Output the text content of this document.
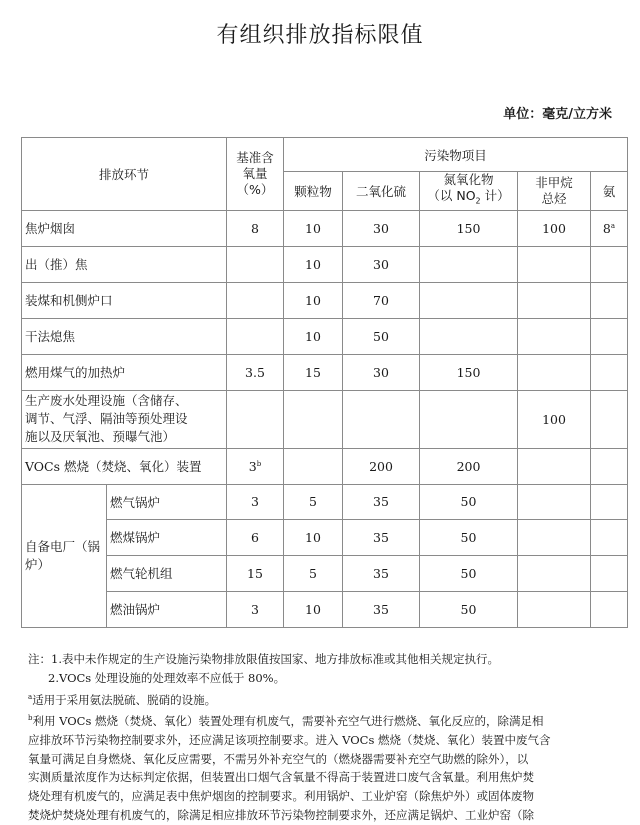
有组织排放指标限值
单位：毫克/立方米
排放环节		基准含
氧量
（%）	污染物项目				
			颗粒物	二氧化硫	氮氧化物
（以 $NO_2$ 计）	非甲烷
总烃	氨
焦炉烟囱		8	10	30	150	100	8$^a$
出（推）焦			10	30			
装煤和机侧炉口			10	70			
干法熄焦			10	50			
燃用煤气的加热炉		3.5	15	30	150		
生产废水处理设施（含储存、
调节、气浮、隔油等预处理设
施以及厌氧池、预曝气池）						100	
VOCs 燃烧（焚烧、氧化）装置		3$^b$		200	200		
自备电厂（锅
炉）	燃气锅炉	3	5	35	50		
	燃煤锅炉	6	10	35	50		
	燃气轮机组	15	5	35	50		
	燃油锅炉	3	10	35	50		

注：1.表中未作规定的生产设施污染物排放限值按国家、地方排放标准或其他相关规定执行。

2.VOCs 处理设施的处理效率不应低于 80%。

$^a$适用于采用氨法脱硫、脱硝的设施。

$^b$利用 VOCs 燃烧（焚烧、氧化）装置处理有机废气，需要补充空气进行燃烧、氧化反应的，除满足相

应排放环节污染物控制要求外，还应满足该项控制要求。进入 VOCs 燃烧（焚烧、氧化）装置中废气含

氧量可满足自身燃烧、氧化反应需要，不需另外补充空气的（燃烧器需要补充空气助燃的除外），以

实测质量浓度作为达标判定依据，但装置出口烟气含氧量不得高于装置进口废气含氧量。利用焦炉焚

烧处理有机废气的，应满足表中焦炉烟囱的控制要求。利用锅炉、工业炉窑（除焦炉外）或固体废物

焚烧炉焚烧处理有机废气的，除满足相应排放环节污染物控制要求外，还应满足锅炉、工业炉窑（除
